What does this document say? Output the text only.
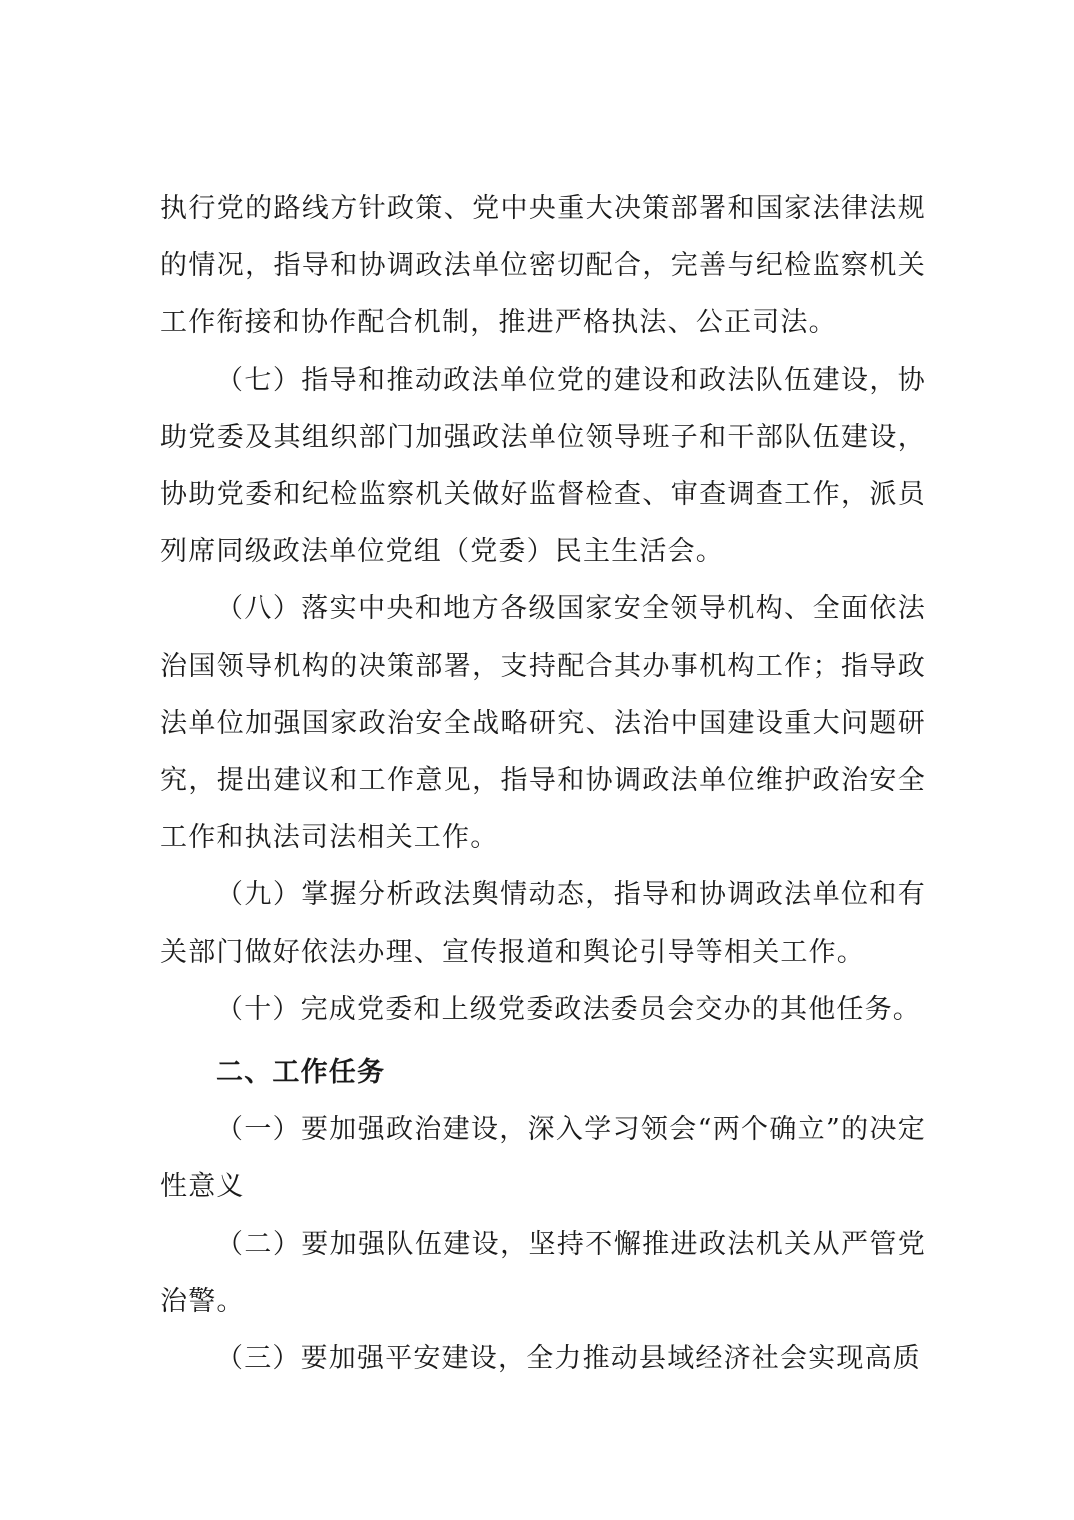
执行党的路线方针政策、党中央重大决策部署和国家法律法规的情况，指导和协调政法单位密切配合，完善与纪检监察机关工作衔接和协作配合机制，推进严格执法、公正司法。

（七）指导和推动政法单位党的建设和政法队伍建设，协助党委及其组织部门加强政法单位领导班子和干部队伍建设，协助党委和纪检监察机关做好监督检查、审查调查工作，派员列席同级政法单位党组（党委）民主生活会。

（八）落实中央和地方各级国家安全领导机构、全面依法治国领导机构的决策部署，支持配合其办事机构工作；指导政法单位加强国家政治安全战略研究、法治中国建设重大问题研究，提出建议和工作意见，指导和协调政法单位维护政治安全工作和执法司法相关工作。

（九）掌握分析政法舆情动态，指导和协调政法单位和有关部门做好依法办理、宣传报道和舆论引导等相关工作。

（十）完成党委和上级党委政法委员会交办的其他任务。

二、工作任务

（一）要加强政治建设，深入学习领会“两个确立”的决定性意义

（二）要加强队伍建设，坚持不懈推进政法机关从严管党治警。

（三）要加强平安建设，全力推动县域经济社会实现高质
